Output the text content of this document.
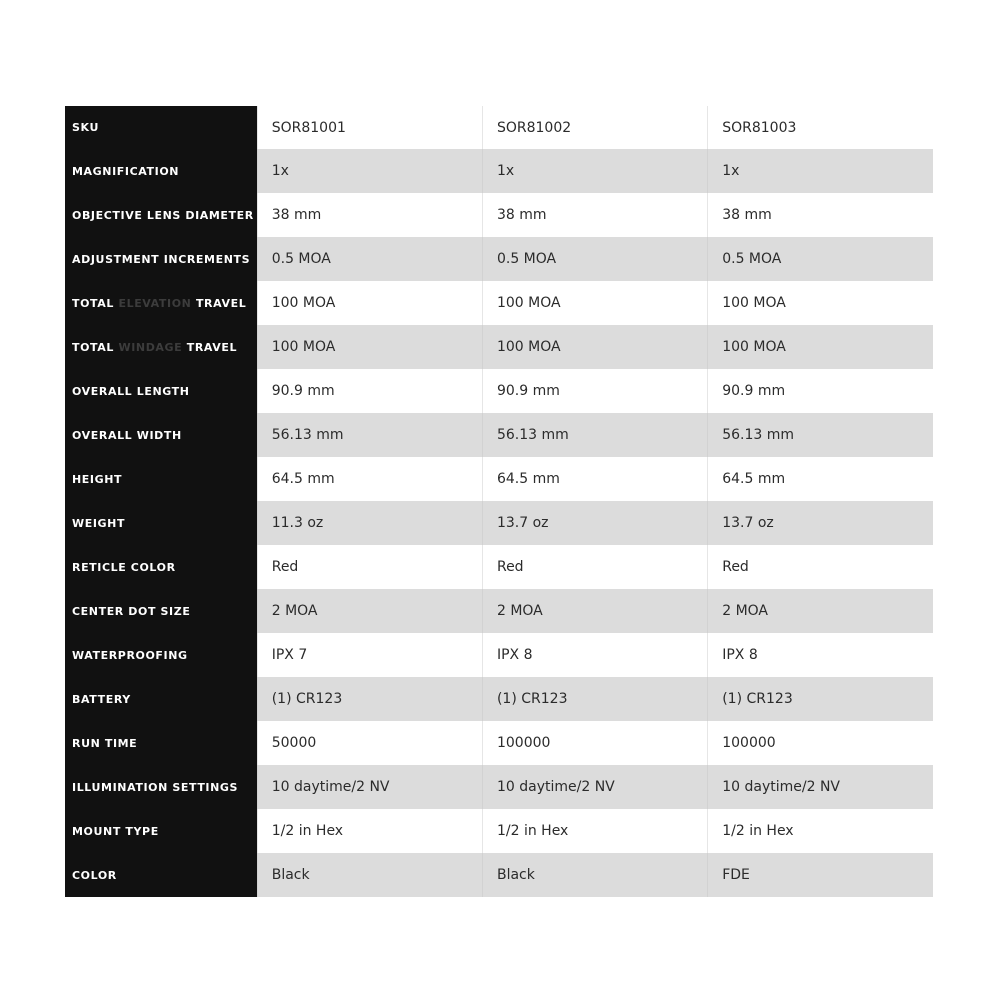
SKU	SOR81001	SOR81002	SOR81003
MAGNIFICATION	1x	1x	1x
OBJECTIVE LENS DIAMETER	38 mm	38 mm	38 mm
ADJUSTMENT INCREMENTS	0.5 MOA	0.5 MOA	0.5 MOA
TOTAL ELEVATION TRAVEL	100 MOA	100 MOA	100 MOA
TOTAL WINDAGE TRAVEL	100 MOA	100 MOA	100 MOA
OVERALL LENGTH	90.9 mm	90.9 mm	90.9 mm
OVERALL WIDTH	56.13 mm	56.13 mm	56.13 mm
HEIGHT	64.5 mm	64.5 mm	64.5 mm
WEIGHT	11.3 oz	13.7 oz	13.7 oz
RETICLE COLOR	Red	Red	Red
CENTER DOT SIZE	2 MOA	2 MOA	2 MOA
WATERPROOFING	IPX 7	IPX 8	IPX 8
BATTERY	(1) CR123	(1) CR123	(1) CR123
RUN TIME	50000	100000	100000
ILLUMINATION SETTINGS	10 daytime/2 NV	10 daytime/2 NV	10 daytime/2 NV
MOUNT TYPE	1/2 in Hex	1/2 in Hex	1/2 in Hex
COLOR	Black	Black	FDE
